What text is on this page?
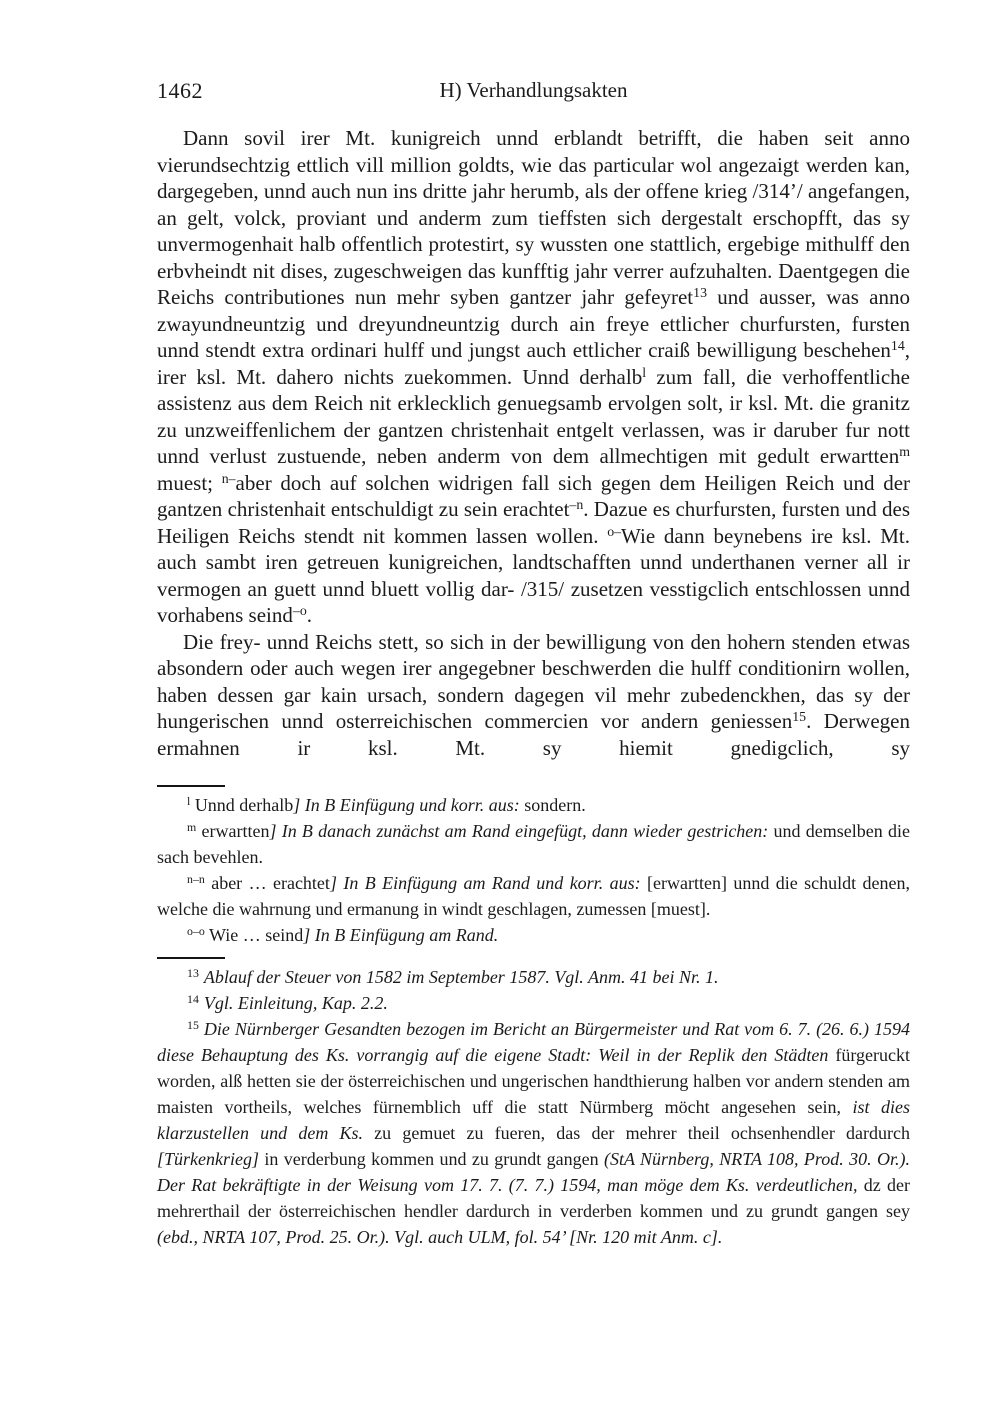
1462	H) Verhandlungsakten

Dann sovil irer Mt. kunigreich unnd erblandt betrifft, die haben seit anno vierundsechtzig ettlich vill million goldts, wie das particular wol angezaigt werden kan, dargegeben, unnd auch nun ins dritte jahr herumb, als der offene krieg /314’/ angefangen, an gelt, volck, proviant und anderm zum tieffsten sich dergestalt erschopfft, das sy unvermogenhait halb offentlich protestirt, sy wussten one stattlich, ergebige mithulff den erbvheindt nit dises, zugeschweigen das kunfftig jahr verrer aufzuhalten. Daentgegen die Reichs contributiones nun mehr syben gantzer jahr gefeyret$^{13}$ und ausser, was anno zwayundneuntzig und dreyundneuntzig durch ain freye ettlicher churfursten, fursten unnd stendt extra ordinari hulff und jungst auch ettlicher craiß bewilligung beschehen$^{14}$, irer ksl. Mt. dahero nichts zuekommen. Unnd derhalb$^l$ zum fall, die verhoffentliche assistenz aus dem Reich nit erklecklich genuegsamb ervolgen solt, ir ksl. Mt. die granitz zu unzweiffenlichem der gantzen christenhait entgelt verlassen, was ir daruber fur nott unnd verlust zustuende, neben anderm von dem allmechtigen mit gedult erwartten$^m$ muest; $^{n-}$aber doch auf solchen widrigen fall sich gegen dem Heiligen Reich und der gantzen christenhait entschuldigt zu sein erachtet$^{-n}$. Dazue es churfursten, fursten und des Heiligen Reichs stendt nit kommen lassen wollen. $^{o-}$Wie dann beynebens ire ksl. Mt. auch sambt iren getreuen kunigreichen, landtschafften unnd underthanen verner all ir vermogen an guett unnd bluett vollig dar- /315/ zusetzen vesstigclich entschlossen unnd vorhabens seind$^{-o}$.

Die frey- unnd Reichs stett, so sich in der bewilligung von den hohern stenden etwas absondern oder auch wegen irer angegebner beschwerden die hulff conditionirn wollen, haben dessen gar kain ursach, sondern dagegen vil mehr zubedenckhen, das sy der hungerischen unnd osterreichischen commercien vor andern geniessen$^{15}$. Derwegen ermahnen ir ksl. Mt. sy hiemit gnedigclich, sy

$^l$ Unnd derhalb] In B Einfügung und korr. aus: sondern.

$^m$ erwartten] In B danach zunächst am Rand eingefügt, dann wieder gestrichen: und demselben die sach bevehlen.

$^{n-n}$ aber … erachtet] In B Einfügung am Rand und korr. aus: [erwartten] unnd die schuldt denen, welche die wahrnung und ermanung in windt geschlagen, zumessen [muest].

$^{o-o}$ Wie … seind] In B Einfügung am Rand.

$^{13}$ Ablauf der Steuer von 1582 im September 1587. Vgl. Anm. 41 bei Nr. 1.

$^{14}$ Vgl. Einleitung, Kap. 2.2.

$^{15}$ Die Nürnberger Gesandten bezogen im Bericht an Bürgermeister und Rat vom 6. 7. (26. 6.) 1594 diese Behauptung des Ks. vorrangig auf die eigene Stadt: Weil in der Replik den Städten fürgeruckt worden, alß hetten sie der österreichischen und ungerischen handthierung halben vor andern stenden am maisten vortheils, welches fürnemblich uff die statt Nürmberg möcht angesehen sein, ist dies klarzustellen und dem Ks. zu gemuet zu fueren, das der mehrer theil ochsenhendler dardurch [Türkenkrieg] in verderbung kommen und zu grundt gangen (StA Nürnberg, NRTA 108, Prod. 30. Or.). Der Rat bekräftigte in der Weisung vom 17. 7. (7. 7.) 1594, man möge dem Ks. verdeutlichen, dz der mehrerthail der österreichischen hendler dardurch in verderben kommen und zu grundt gangen sey (ebd., NRTA 107, Prod. 25. Or.). Vgl. auch ULM, fol. 54’ [Nr. 120 mit Anm. c].
